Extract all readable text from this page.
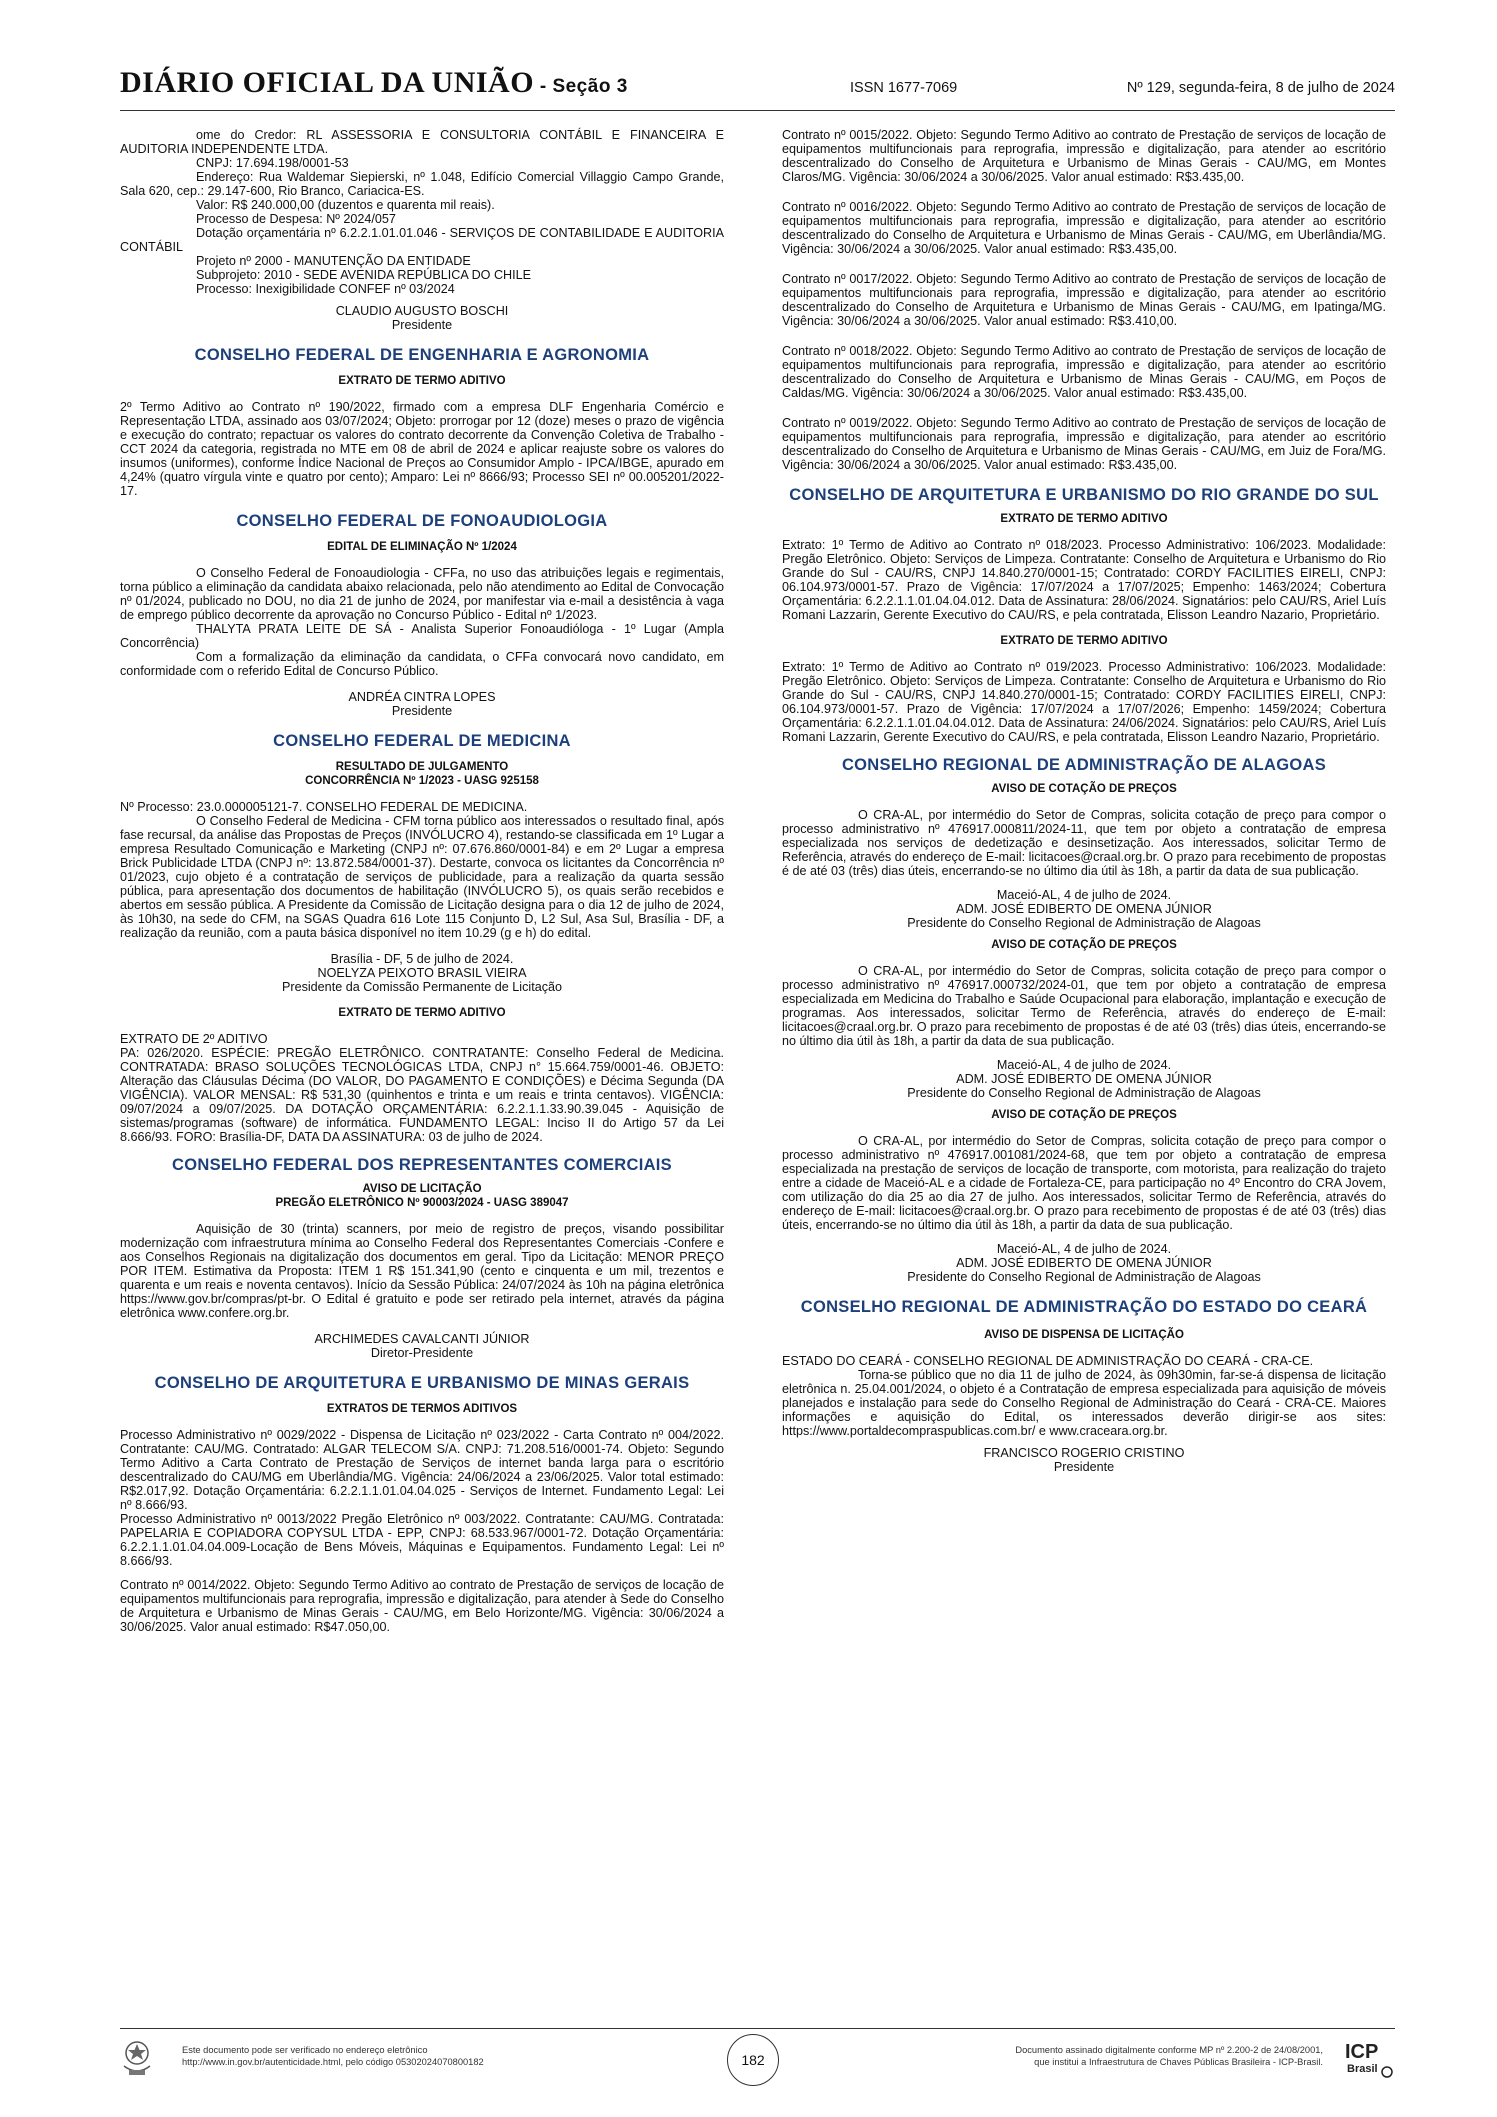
DIÁRIO OFICIAL DA UNIÃO - Seção 3	ISSN 1677-7069	Nº 129, segunda-feira, 8 de julho de 2024

ome do Credor: RL ASSESSORIA E CONSULTORIA CONTÁBIL E FINANCEIRA E AUDITORIA INDEPENDENTE LTDA.

CNPJ: 17.694.198/0001-53

Endereço: Rua Waldemar Siepierski, nº 1.048, Edifício Comercial Villaggio Campo Grande, Sala 620, cep.: 29.147-600, Rio Branco, Cariacica-ES.

Valor: R$ 240.000,00 (duzentos e quarenta mil reais).

Processo de Despesa: Nº 2024/057

Dotação orçamentária nº 6.2.2.1.01.01.046 - SERVIÇOS DE CONTABILIDADE E AUDITORIA CONTÁBIL

Projeto nº 2000 - MANUTENÇÃO DA ENTIDADE

Subprojeto: 2010 - SEDE AVENIDA REPÚBLICA DO CHILE

Processo: Inexigibilidade CONFEF nº 03/2024

CLAUDIO AUGUSTO BOSCHI

Presidente

CONSELHO FEDERAL DE ENGENHARIA E AGRONOMIA

EXTRATO DE TERMO ADITIVO

2º Termo Aditivo ao Contrato nº 190/2022, firmado com a empresa DLF Engenharia Comércio e Representação LTDA, assinado aos 03/07/2024; Objeto: prorrogar por 12 (doze) meses o prazo de vigência e execução do contrato; repactuar os valores do contrato decorrente da Convenção Coletiva de Trabalho - CCT 2024 da categoria, registrada no MTE em 08 de abril de 2024 e aplicar reajuste sobre os valores do insumos (uniformes), conforme Índice Nacional de Preços ao Consumidor Amplo - IPCA/IBGE, apurado em 4,24% (quatro vírgula vinte e quatro por cento); Amparo: Lei nº 8666/93; Processo SEI nº 00.005201/2022-17.

CONSELHO FEDERAL DE FONOAUDIOLOGIA

EDITAL DE ELIMINAÇÃO Nº 1/2024

O Conselho Federal de Fonoaudiologia - CFFa, no uso das atribuições legais e regimentais, torna público a eliminação da candidata abaixo relacionada, pelo não atendimento ao Edital de Convocação nº 01/2024, publicado no DOU, no dia 21 de junho de 2024, por manifestar via e-mail a desistência à vaga de emprego público decorrente da aprovação no Concurso Público - Edital nº 1/2023.

THALYTA PRATA LEITE DE SÁ - Analista Superior Fonoaudióloga - 1º Lugar (Ampla Concorrência)

Com a formalização da eliminação da candidata, o CFFa convocará novo candidato, em conformidade com o referido Edital de Concurso Público.

ANDRÉA CINTRA LOPES

Presidente

CONSELHO FEDERAL DE MEDICINA

RESULTADO DE JULGAMENTO

CONCORRÊNCIA Nº 1/2023 - UASG 925158

Nº Processo: 23.0.000005121-7. CONSELHO FEDERAL DE MEDICINA.

O Conselho Federal de Medicina - CFM torna público aos interessados o resultado final, após fase recursal, da análise das Propostas de Preços (INVÓLUCRO 4), restando-se classificada em 1º Lugar a empresa Resultado Comunicação e Marketing (CNPJ nº: 07.676.860/0001-84) e em 2º Lugar a empresa Brick Publicidade LTDA (CNPJ nº: 13.872.584/0001-37). Destarte, convoca os licitantes da Concorrência nº 01/2023, cujo objeto é a contratação de serviços de publicidade, para a realização da quarta sessão pública, para apresentação dos documentos de habilitação (INVÓLUCRO 5), os quais serão recebidos e abertos em sessão pública. A Presidente da Comissão de Licitação designa para o dia 12 de julho de 2024, às 10h30, na sede do CFM, na SGAS Quadra 616 Lote 115 Conjunto D, L2 Sul, Asa Sul, Brasília - DF, a realização da reunião, com a pauta básica disponível no item 10.29 (g e h) do edital.

Brasília - DF, 5 de julho de 2024.

NOELYZA PEIXOTO BRASIL VIEIRA

Presidente da Comissão Permanente de Licitação

EXTRATO DE TERMO ADITIVO

EXTRATO DE 2º ADITIVO

PA: 026/2020. ESPÉCIE: PREGÃO ELETRÔNICO. CONTRATANTE: Conselho Federal de Medicina. CONTRATADA: BRASO SOLUÇÕES TECNOLÓGICAS LTDA, CNPJ n° 15.664.759/0001-46. OBJETO: Alteração das Cláusulas Décima (DO VALOR, DO PAGAMENTO E CONDIÇÕES) e Décima Segunda (DA VIGÊNCIA). VALOR MENSAL: R$ 531,30 (quinhentos e trinta e um reais e trinta centavos). VIGÊNCIA: 09/07/2024 a 09/07/2025. DA DOTAÇÃO ORÇAMENTÁRIA: 6.2.2.1.1.33.90.39.045 - Aquisição de sistemas/programas (software) de informática. FUNDAMENTO LEGAL: Inciso II do Artigo 57 da Lei 8.666/93. FORO: Brasília-DF, DATA DA ASSINATURA: 03 de julho de 2024.

CONSELHO FEDERAL DOS REPRESENTANTES COMERCIAIS

AVISO DE LICITAÇÃO

PREGÃO ELETRÔNICO Nº 90003/2024 - UASG 389047

Aquisição de 30 (trinta) scanners, por meio de registro de preços, visando possibilitar modernização com infraestrutura mínima ao Conselho Federal dos Representantes Comerciais -Confere e aos Conselhos Regionais na digitalização dos documentos em geral. Tipo da Licitação: MENOR PREÇO POR ITEM. Estimativa da Proposta: ITEM 1 R$ 151.341,90 (cento e cinquenta e um mil, trezentos e quarenta e um reais e noventa centavos). Início da Sessão Pública: 24/07/2024 às 10h na página eletrônica https://www.gov.br/compras/pt-br. O Edital é gratuito e pode ser retirado pela internet, através da página eletrônica www.confere.org.br.

ARCHIMEDES CAVALCANTI JÚNIOR

Diretor-Presidente

CONSELHO DE ARQUITETURA E URBANISMO DE MINAS GERAIS

EXTRATOS DE TERMOS ADITIVOS

Processo Administrativo nº 0029/2022 - Dispensa de Licitação nº 023/2022 - Carta Contrato nº 004/2022. Contratante: CAU/MG. Contratado: ALGAR TELECOM S/A. CNPJ: 71.208.516/0001-74. Objeto: Segundo Termo Aditivo a Carta Contrato de Prestação de Serviços de internet banda larga para o escritório descentralizado do CAU/MG em Uberlândia/MG. Vigência: 24/06/2024 a 23/06/2025. Valor total estimado: R$2.017,92. Dotação Orçamentária: 6.2.2.1.1.01.04.04.025 - Serviços de Internet. Fundamento Legal: Lei nº 8.666/93.

Processo Administrativo nº 0013/2022 Pregão Eletrônico nº 003/2022. Contratante: CAU/MG. Contratada: PAPELARIA E COPIADORA COPYSUL LTDA - EPP, CNPJ: 68.533.967/0001-72. Dotação Orçamentária: 6.2.2.1.1.01.04.04.009-Locação de Bens Móveis, Máquinas e Equipamentos. Fundamento Legal: Lei nº 8.666/93.

Contrato nº 0014/2022. Objeto: Segundo Termo Aditivo ao contrato de Prestação de serviços de locação de equipamentos multifuncionais para reprografia, impressão e digitalização, para atender à Sede do Conselho de Arquitetura e Urbanismo de Minas Gerais - CAU/MG, em Belo Horizonte/MG. Vigência: 30/06/2024 a 30/06/2025. Valor anual estimado: R$47.050,00.

Contrato nº 0015/2022. Objeto: Segundo Termo Aditivo ao contrato de Prestação de serviços de locação de equipamentos multifuncionais para reprografia, impressão e digitalização, para atender ao escritório descentralizado do Conselho de Arquitetura e Urbanismo de Minas Gerais - CAU/MG, em Montes Claros/MG. Vigência: 30/06/2024 a 30/06/2025. Valor anual estimado: R$3.435,00.

Contrato nº 0016/2022. Objeto: Segundo Termo Aditivo ao contrato de Prestação de serviços de locação de equipamentos multifuncionais para reprografia, impressão e digitalização, para atender ao escritório descentralizado do Conselho de Arquitetura e Urbanismo de Minas Gerais - CAU/MG, em Uberlândia/MG. Vigência: 30/06/2024 a 30/06/2025. Valor anual estimado: R$3.435,00.

Contrato nº 0017/2022. Objeto: Segundo Termo Aditivo ao contrato de Prestação de serviços de locação de equipamentos multifuncionais para reprografia, impressão e digitalização, para atender ao escritório descentralizado do Conselho de Arquitetura e Urbanismo de Minas Gerais - CAU/MG, em Ipatinga/MG. Vigência: 30/06/2024 a 30/06/2025. Valor anual estimado: R$3.410,00.

Contrato nº 0018/2022. Objeto: Segundo Termo Aditivo ao contrato de Prestação de serviços de locação de equipamentos multifuncionais para reprografia, impressão e digitalização, para atender ao escritório descentralizado do Conselho de Arquitetura e Urbanismo de Minas Gerais - CAU/MG, em Poços de Caldas/MG. Vigência: 30/06/2024 a 30/06/2025. Valor anual estimado: R$3.435,00.

Contrato nº 0019/2022. Objeto: Segundo Termo Aditivo ao contrato de Prestação de serviços de locação de equipamentos multifuncionais para reprografia, impressão e digitalização, para atender ao escritório descentralizado do Conselho de Arquitetura e Urbanismo de Minas Gerais - CAU/MG, em Juiz de Fora/MG. Vigência: 30/06/2024 a 30/06/2025. Valor anual estimado: R$3.435,00.

CONSELHO DE ARQUITETURA E URBANISMO DO RIO GRANDE DO SUL

EXTRATO DE TERMO ADITIVO

Extrato: 1º Termo de Aditivo ao Contrato nº 018/2023. Processo Administrativo: 106/2023. Modalidade: Pregão Eletrônico. Objeto: Serviços de Limpeza. Contratante: Conselho de Arquitetura e Urbanismo do Rio Grande do Sul - CAU/RS, CNPJ 14.840.270/0001-15; Contratado: CORDY FACILITIES EIRELI, CNPJ: 06.104.973/0001-57. Prazo de Vigência: 17/07/2024 a 17/07/2025; Empenho: 1463/2024; Cobertura Orçamentária: 6.2.2.1.1.01.04.04.012. Data de Assinatura: 28/06/2024. Signatários: pelo CAU/RS, Ariel Luís Romani Lazzarin, Gerente Executivo do CAU/RS, e pela contratada, Elisson Leandro Nazario, Proprietário.

EXTRATO DE TERMO ADITIVO

Extrato: 1º Termo de Aditivo ao Contrato nº 019/2023. Processo Administrativo: 106/2023. Modalidade: Pregão Eletrônico. Objeto: Serviços de Limpeza. Contratante: Conselho de Arquitetura e Urbanismo do Rio Grande do Sul - CAU/RS, CNPJ 14.840.270/0001-15; Contratado: CORDY FACILITIES EIRELI, CNPJ: 06.104.973/0001-57. Prazo de Vigência: 17/07/2024 a 17/07/2026; Empenho: 1459/2024; Cobertura Orçamentária: 6.2.2.1.1.01.04.04.012. Data de Assinatura: 24/06/2024. Signatários: pelo CAU/RS, Ariel Luís Romani Lazzarin, Gerente Executivo do CAU/RS, e pela contratada, Elisson Leandro Nazario, Proprietário.

CONSELHO REGIONAL DE ADMINISTRAÇÃO DE ALAGOAS

AVISO DE COTAÇÃO DE PREÇOS

O CRA-AL, por intermédio do Setor de Compras, solicita cotação de preço para compor o processo administrativo nº 476917.000811/2024-11, que tem por objeto a contratação de empresa especializada nos serviços de dedetização e desinsetização. Aos interessados, solicitar Termo de Referência, através do endereço de E-mail: licitacoes@craal.org.br. O prazo para recebimento de propostas é de até 03 (três) dias úteis, encerrando-se no último dia útil às 18h, a partir da data de sua publicação.

Maceió-AL, 4 de julho de 2024.

ADM. JOSÉ EDIBERTO DE OMENA JÚNIOR

Presidente do Conselho Regional de Administração de Alagoas

AVISO DE COTAÇÃO DE PREÇOS

O CRA-AL, por intermédio do Setor de Compras, solicita cotação de preço para compor o processo administrativo nº 476917.000732/2024-01, que tem por objeto a contratação de empresa especializada em Medicina do Trabalho e Saúde Ocupacional para elaboração, implantação e execução de programas. Aos interessados, solicitar Termo de Referência, através do endereço de E-mail: licitacoes@craal.org.br. O prazo para recebimento de propostas é de até 03 (três) dias úteis, encerrando-se no último dia útil às 18h, a partir da data de sua publicação.

Maceió-AL, 4 de julho de 2024.

ADM. JOSÉ EDIBERTO DE OMENA JÚNIOR

Presidente do Conselho Regional de Administração de Alagoas

AVISO DE COTAÇÃO DE PREÇOS

O CRA-AL, por intermédio do Setor de Compras, solicita cotação de preço para compor o processo administrativo nº 476917.001081/2024-68, que tem por objeto a contratação de empresa especializada na prestação de serviços de locação de transporte, com motorista, para realização do trajeto entre a cidade de Maceió-AL e a cidade de Fortaleza-CE, para participação no 4º Encontro do CRA Jovem, com utilização do dia 25 ao dia 27 de julho. Aos interessados, solicitar Termo de Referência, através do endereço de E-mail: licitacoes@craal.org.br. O prazo para recebimento de propostas é de até 03 (três) dias úteis, encerrando-se no último dia útil às 18h, a partir da data de sua publicação.

Maceió-AL, 4 de julho de 2024.

ADM. JOSÉ EDIBERTO DE OMENA JÚNIOR

Presidente do Conselho Regional de Administração de Alagoas

CONSELHO REGIONAL DE ADMINISTRAÇÃO DO ESTADO DO CEARÁ

AVISO DE DISPENSA DE LICITAÇÃO

ESTADO DO CEARÁ - CONSELHO REGIONAL DE ADMINISTRAÇÃO DO CEARÁ - CRA-CE.

Torna-se público que no dia 11 de julho de 2024, às 09h30min, far-se-á dispensa de licitação eletrônica n. 25.04.001/2024, o objeto é a Contratação de empresa especializada para aquisição de móveis planejados e instalação para sede do Conselho Regional de Administração do Ceará - CRA-CE. Maiores informações e aquisição do Edital, os interessados deverão dirigir-se aos sites: https://www.portaldecompraspublicas.com.br/ e www.craceara.org.br.

FRANCISCO ROGERIO CRISTINO

Presidente

Este documento pode ser verificado no endereço eletrônico
http://www.in.gov.br/autenticidade.html, pelo código 05302024070800182	182
Documento assinado digitalmente conforme MP nº 2.200-2 de 24/08/2001,
que institui a Infraestrutura de Chaves Públicas Brasileira - ICP-Brasil. ICP
Brasil
